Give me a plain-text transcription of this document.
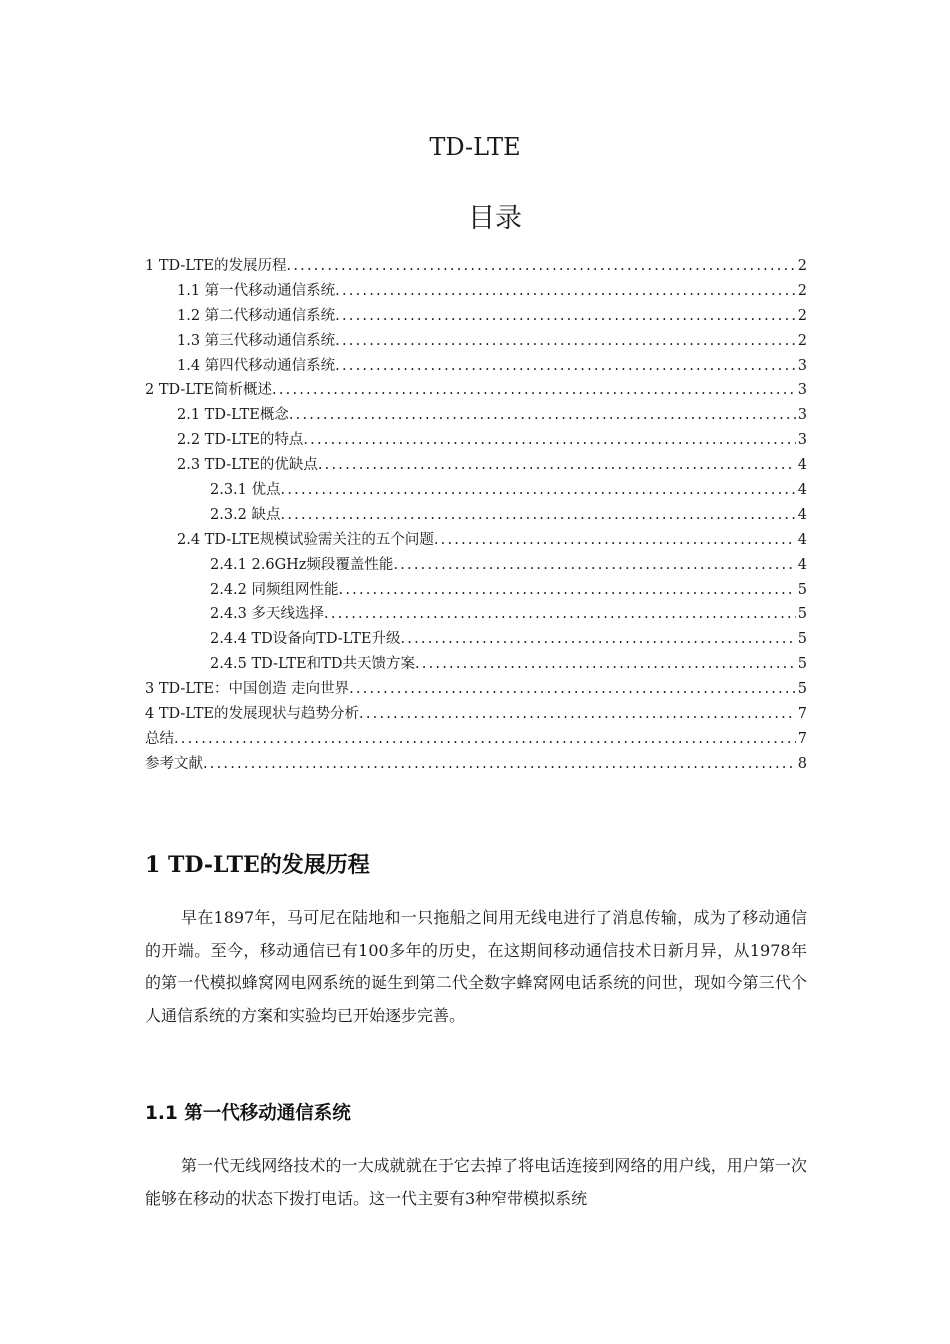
TD-LTE
目录
1 TD-LTE的发展历程 .....	2
1.1 第一代移动通信系统 .....	2
1.2 第二代移动通信系统 .....	2
1.3 第三代移动通信系统 .....	2
1.4 第四代移动通信系统 .....	3
2 TD-LTE简析概述 .....	3
2.1 TD-LTE概念 .....	3
2.2 TD-LTE的特点 .....	3
2.3 TD-LTE的优缺点 .....	4
2.3.1 优点 .....	4
2.3.2 缺点 .....	4
2.4 TD-LTE规模试验需关注的五个问题 .....	4
2.4.1 2.6GHz频段覆盖性能 .....	4
2.4.2 同频组网性能 .....	5
2.4.3 多天线选择 .....	5
2.4.4 TD设备向TD-LTE升级 .....	5
2.4.5 TD-LTE和TD共天馈方案 .....	5
3 TD-LTE：中国创造 走向世界 .....	5
4 TD-LTE的发展现状与趋势分析 .....	7
总结 .....	7
参考文献 .....	8
1 TD-LTE的发展历程

早在1897年，马可尼在陆地和一只拖船之间用无线电进行了消息传输，成为了移动通信的开端。至今，移动通信已有100多年的历史，在这期间移动通信技术日新月异，从1978年的第一代模拟蜂窝网电网系统的诞生到第二代全数字蜂窝网电话系统的问世，现如今第三代个人通信系统的方案和实验均已开始逐步完善。

1.1 第一代移动通信系统

第一代无线网络技术的一大成就就在于它去掉了将电话连接到网络的用户线，用户第一次能够在移动的状态下拨打电话。这一代主要有3种窄带模拟系统
